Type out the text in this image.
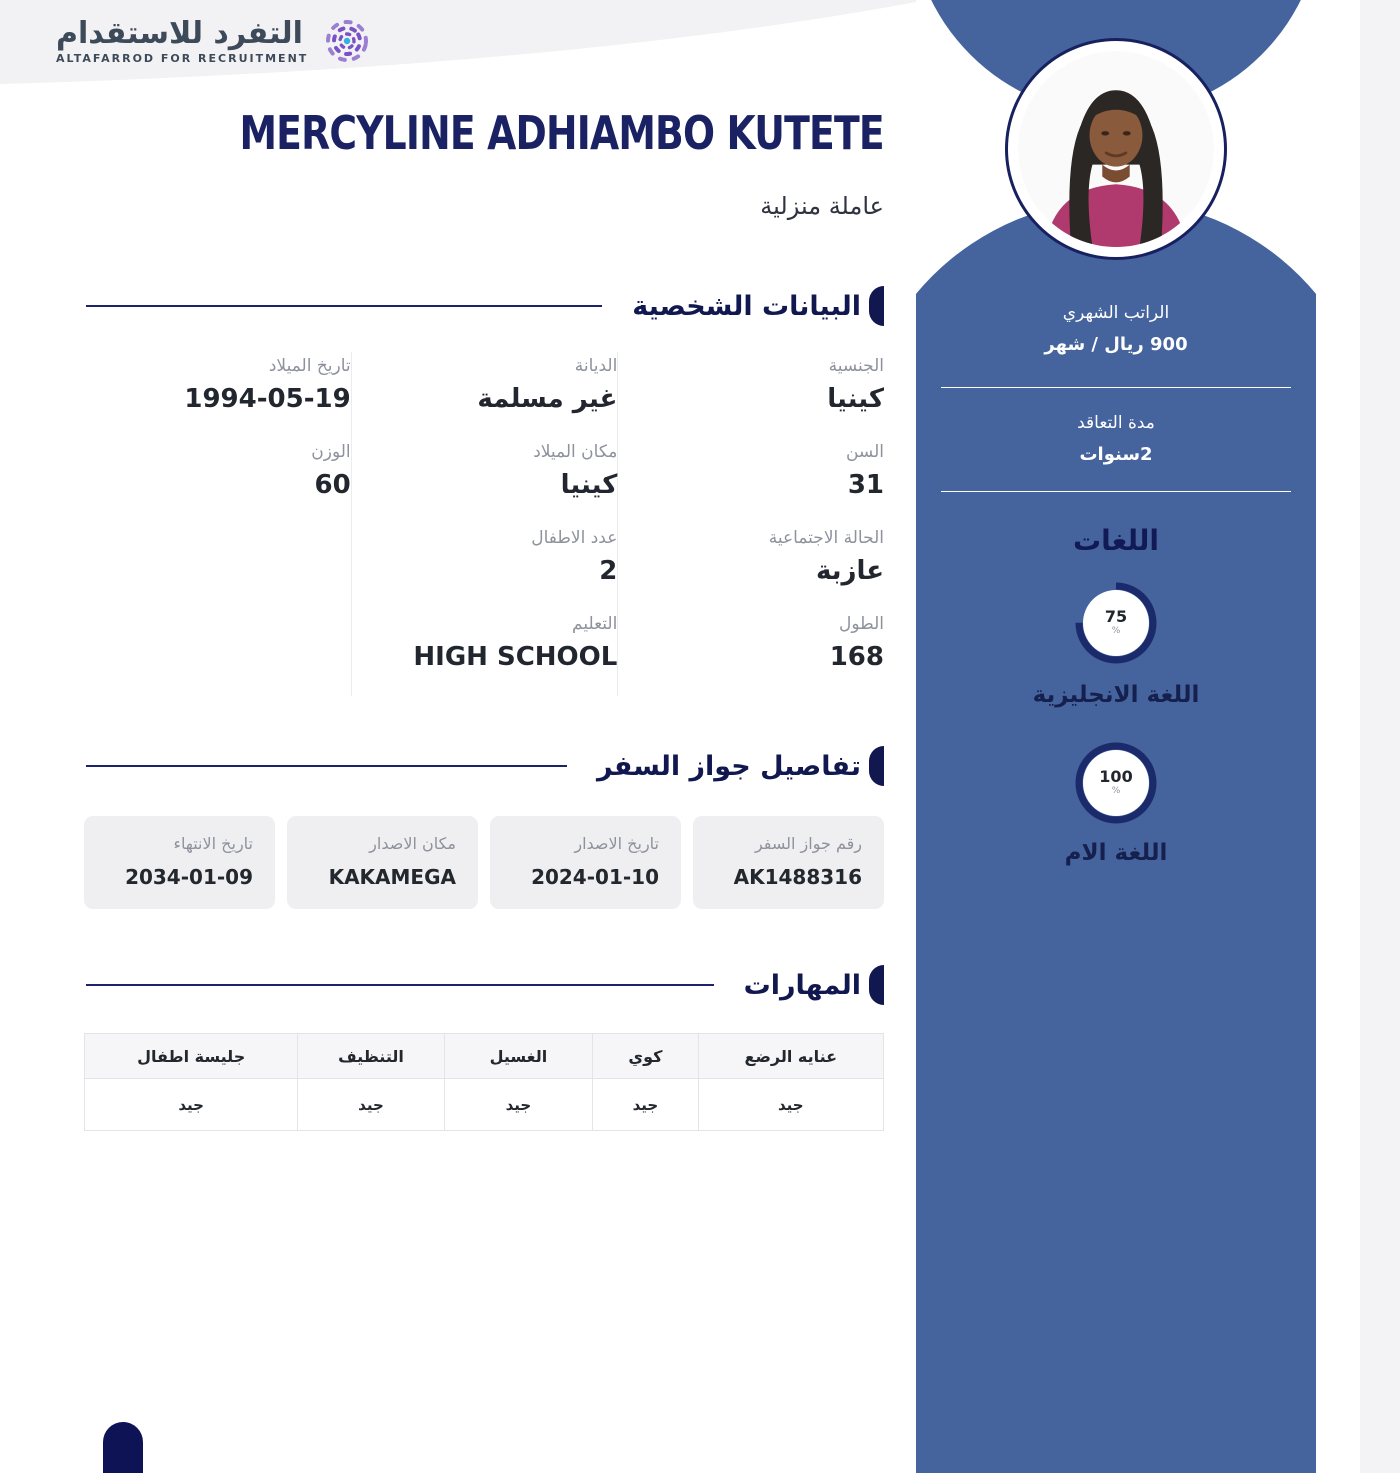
التفرد للاستقدام
ALTAFARROD FOR RECRUITMENT
MERCYLINE ADHIAMBO KUTETE
عاملة منزلية
البيانات الشخصية
الجنسية
كينيا
الديانة
غير مسلمة
تاريخ الميلاد
1994-05-19
السن
31
مكان الميلاد
كينيا
الوزن
60
الحالة الاجتماعية
عازبة
عدد الاطفال
2
الطول
168
التعليم
HIGH SCHOOL
تفاصيل جواز السفر
رقم جواز السفر
AK1488316
تاريخ الاصدار
2024-01-10
مكان الاصدار
KAKAMEGA
تاريخ الانتهاء
2034-01-09
المهارات
عنايه الرضع	كوي	الغسيل	التنظيف	جليسة اطفال
جيد	جيد	جيد	جيد	جيد
الراتب الشهري
900 ريال / شهر
مدة التعاقد
2سنوات
اللغات
75
%
اللغة الانجليزية
100
%
اللغة الام
